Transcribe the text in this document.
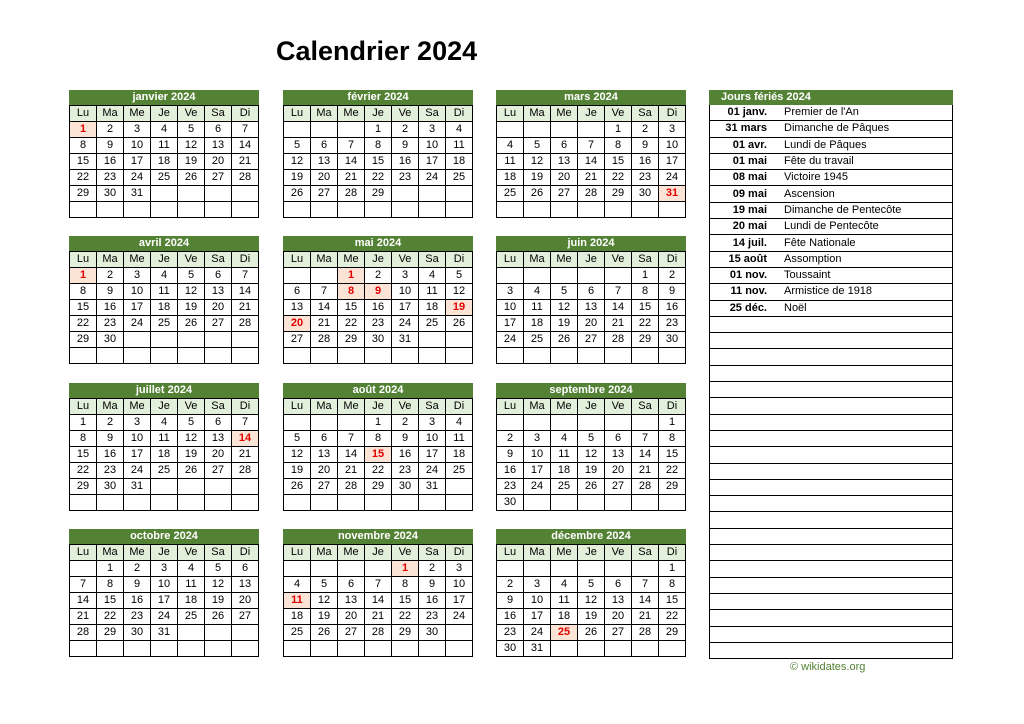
Calendrier 2024
janvier 2024
Lu	Ma	Me	Je	Ve	Sa	Di
1	2	3	4	5	6	7
8	9	10	11	12	13	14
15	16	17	18	19	20	21
22	23	24	25	26	27	28
29	30	31				

février 2024
Lu	Ma	Me	Je	Ve	Sa	Di
			1	2	3	4
5	6	7	8	9	10	11
12	13	14	15	16	17	18
19	20	21	22	23	24	25
26	27	28	29			

mars 2024
Lu	Ma	Me	Je	Ve	Sa	Di
				1	2	3
4	5	6	7	8	9	10
11	12	13	14	15	16	17
18	19	20	21	22	23	24
25	26	27	28	29	30	31

avril 2024
Lu	Ma	Me	Je	Ve	Sa	Di
1	2	3	4	5	6	7
8	9	10	11	12	13	14
15	16	17	18	19	20	21
22	23	24	25	26	27	28
29	30					

mai 2024
Lu	Ma	Me	Je	Ve	Sa	Di
		1	2	3	4	5
6	7	8	9	10	11	12
13	14	15	16	17	18	19
20	21	22	23	24	25	26
27	28	29	30	31		

juin 2024
Lu	Ma	Me	Je	Ve	Sa	Di
					1	2
3	4	5	6	7	8	9
10	11	12	13	14	15	16
17	18	19	20	21	22	23
24	25	26	27	28	29	30

juillet 2024
Lu	Ma	Me	Je	Ve	Sa	Di
1	2	3	4	5	6	7
8	9	10	11	12	13	14
15	16	17	18	19	20	21
22	23	24	25	26	27	28
29	30	31				

août 2024
Lu	Ma	Me	Je	Ve	Sa	Di
			1	2	3	4
5	6	7	8	9	10	11
12	13	14	15	16	17	18
19	20	21	22	23	24	25
26	27	28	29	30	31	

septembre 2024
Lu	Ma	Me	Je	Ve	Sa	Di
						1
2	3	4	5	6	7	8
9	10	11	12	13	14	15
16	17	18	19	20	21	22
23	24	25	26	27	28	29
30						
octobre 2024
Lu	Ma	Me	Je	Ve	Sa	Di
	1	2	3	4	5	6
7	8	9	10	11	12	13
14	15	16	17	18	19	20
21	22	23	24	25	26	27
28	29	30	31			

novembre 2024
Lu	Ma	Me	Je	Ve	Sa	Di
				1	2	3
4	5	6	7	8	9	10
11	12	13	14	15	16	17
18	19	20	21	22	23	24
25	26	27	28	29	30	

décembre 2024
Lu	Ma	Me	Je	Ve	Sa	Di
						1
2	3	4	5	6	7	8
9	10	11	12	13	14	15
16	17	18	19	20	21	22
23	24	25	26	27	28	29
30	31					
Jours fériés 2024
01 janv.	Premier de l'An
31 mars	Dimanche de Pâques
01 avr.	Lundi de Pâques
01 mai	Fête du travail
08 mai	Victoire 1945
09 mai	Ascension
19 mai	Dimanche de Pentecôte
20 mai	Lundi de Pentecôte
14 juil.	Fête Nationale
15 août	Assomption
01 nov.	Toussaint
11 nov.	Armistice de 1918
25 déc.	Noël

© wikidates.org
